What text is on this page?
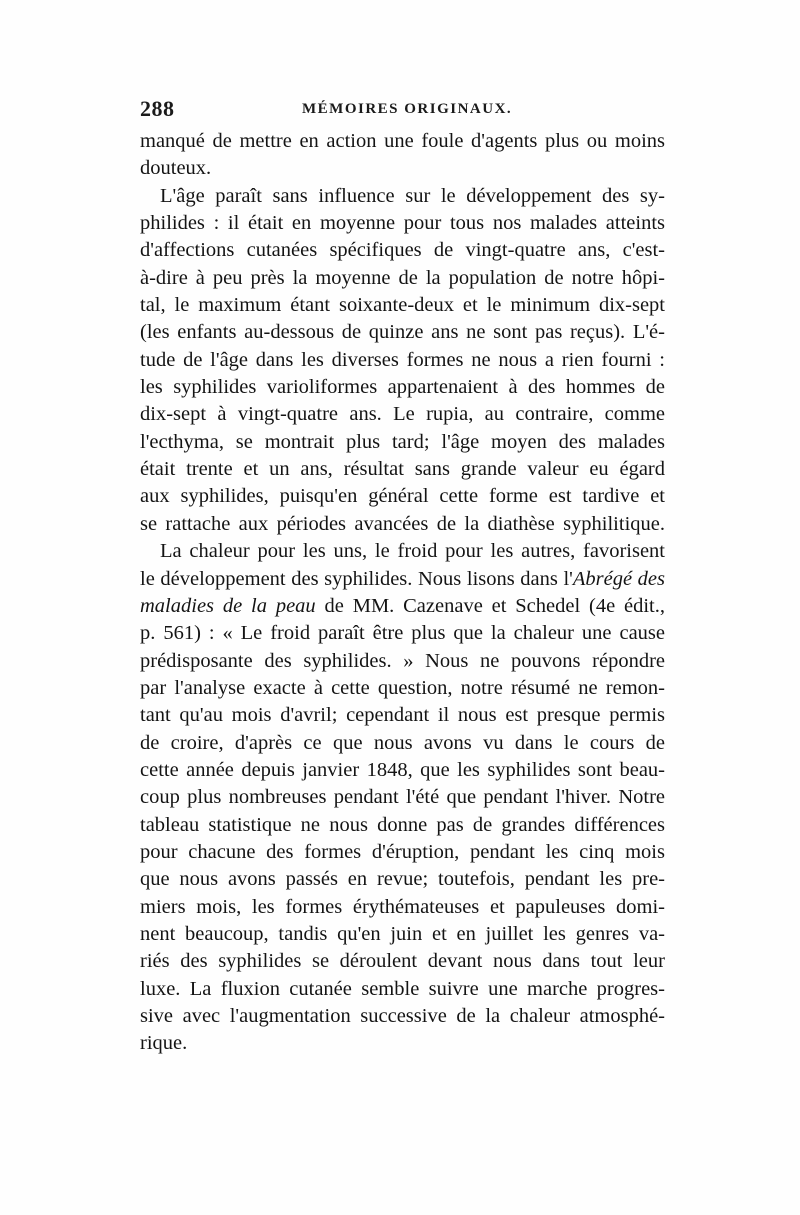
288	MÉMOIRES ORIGINAUX.
manqué de mettre en action une foule d'agents plus ou moins
douteux.
L'âge paraît sans influence sur le développement des sy-
philides : il était en moyenne pour tous nos malades atteints
d'affections cutanées spécifiques de vingt-quatre ans, c'est-
à-dire à peu près la moyenne de la population de notre hôpi-
tal, le maximum étant soixante-deux et le minimum dix-sept
(les enfants au-dessous de quinze ans ne sont pas reçus). L'é-
tude de l'âge dans les diverses formes ne nous a rien fourni :
les syphilides varioliformes appartenaient à des hommes de
dix-sept à vingt-quatre ans. Le rupia, au contraire, comme
l'ecthyma, se montrait plus tard; l'âge moyen des malades
était trente et un ans, résultat sans grande valeur eu égard
aux syphilides, puisqu'en général cette forme est tardive et
se rattache aux périodes avancées de la diathèse syphilitique.
La chaleur pour les uns, le froid pour les autres, favorisent
le développement des syphilides. Nous lisons dans l'Abrégé des
maladies de la peau de MM. Cazenave et Schedel (4e édit.,
p. 561) : « Le froid paraît être plus que la chaleur une cause
prédisposante des syphilides. » Nous ne pouvons répondre
par l'analyse exacte à cette question, notre résumé ne remon-
tant qu'au mois d'avril; cependant il nous est presque permis
de croire, d'après ce que nous avons vu dans le cours de
cette année depuis janvier 1848, que les syphilides sont beau-
coup plus nombreuses pendant l'été que pendant l'hiver. Notre
tableau statistique ne nous donne pas de grandes différences
pour chacune des formes d'éruption, pendant les cinq mois
que nous avons passés en revue; toutefois, pendant les pre-
miers mois, les formes érythémateuses et papuleuses domi-
nent beaucoup, tandis qu'en juin et en juillet les genres va-
riés des syphilides se déroulent devant nous dans tout leur
luxe. La fluxion cutanée semble suivre une marche progres-
sive avec l'augmentation successive de la chaleur atmosphé-
rique.
